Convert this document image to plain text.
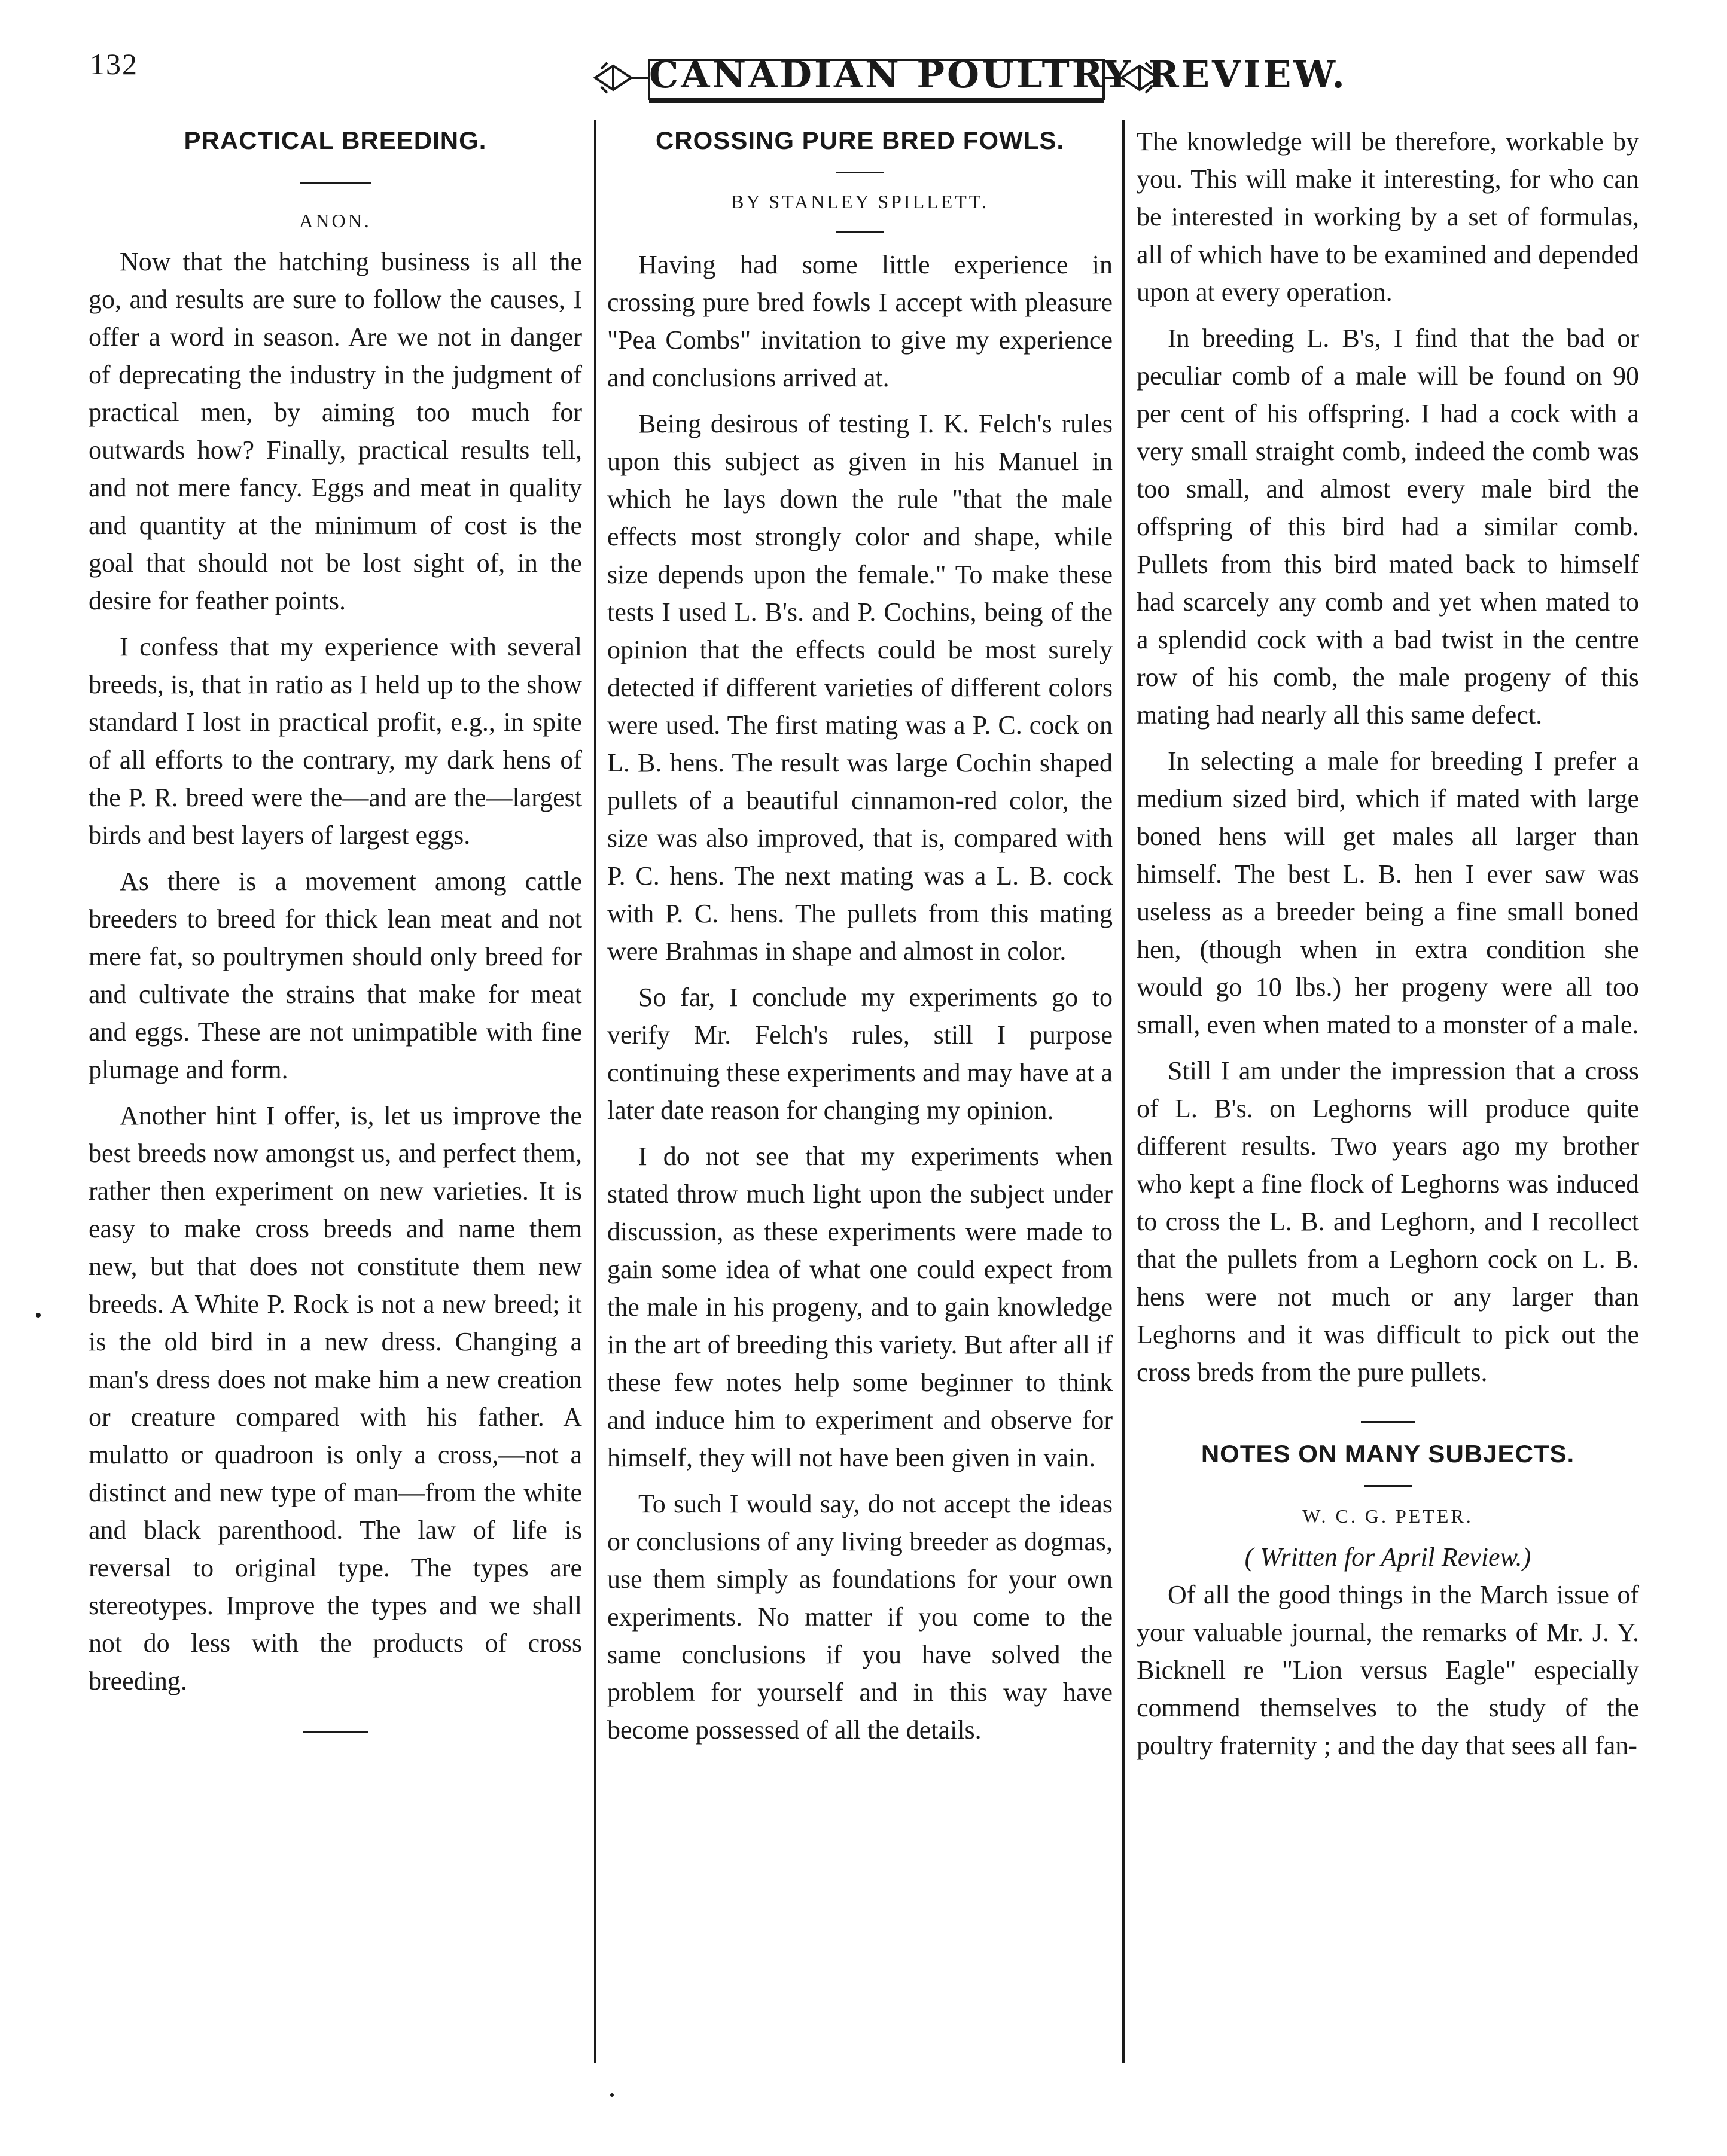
132	CANADIAN POULTRY REVIEW.
PRACTICAL BREEDING.

ANON.

Now that the hatching business is all the go, and results are sure to follow the causes, I offer a word in season. Are we not in danger of deprecating the industry in the judgment of practical men, by aiming too much for outwards how? Finally, practical results tell, and not mere fancy. Eggs and meat in quality and quantity at the minimum of cost is the goal that should not be lost sight of, in the desire for feather points.

I confess that my experience with several breeds, is, that in ratio as I held up to the show standard I lost in practical profit, e.g., in spite of all efforts to the contrary, my dark hens of the P. R. breed were the—and are the—largest birds and best layers of largest eggs.

As there is a movement among cattle breeders to breed for thick lean meat and not mere fat, so poultrymen should only breed for and cultivate the strains that make for meat and eggs. These are not unimpatible with fine plumage and form.

Another hint I offer, is, let us improve the best breeds now amongst us, and perfect them, rather then experiment on new varieties. It is easy to make cross breeds and name them new, but that does not constitute them new breeds. A White P. Rock is not a new breed; it is the old bird in a new dress. Changing a man's dress does not make him a new creation or creature compared with his father. A mulatto or quadroon is only a cross,—not a distinct and new type of man—from the white and black parenthood. The law of life is reversal to original type. The types are stereotypes. Improve the types and we shall not do less with the products of cross breeding.

CROSSING PURE BRED FOWLS.

BY STANLEY SPILLETT.

Having had some little experience in crossing pure bred fowls I accept with pleasure "Pea Combs" invitation to give my experience and conclusions arrived at.

Being desirous of testing I. K. Felch's rules upon this subject as given in his Manuel in which he lays down the rule "that the male effects most strongly color and shape, while size depends upon the female." To make these tests I used L. B's. and P. Cochins, being of the opinion that the effects could be most surely detected if different varieties of different colors were used. The first mating was a P. C. cock on L. B. hens. The result was large Cochin shaped pullets of a beautiful cinnamon-red color, the size was also improved, that is, compared with P. C. hens. The next mating was a L. B. cock with P. C. hens. The pullets from this mating were Brahmas in shape and almost in color.

So far, I conclude my experiments go to verify Mr. Felch's rules, still I purpose continuing these experiments and may have at a later date reason for changing my opinion.

I do not see that my experiments when stated throw much light upon the subject under discussion, as these experiments were made to gain some idea of what one could expect from the male in his progeny, and to gain knowledge in the art of breeding this variety. But after all if these few notes help some beginner to think and induce him to experiment and observe for himself, they will not have been given in vain.

To such I would say, do not accept the ideas or conclusions of any living breeder as dogmas, use them simply as foundations for your own experiments. No matter if you come to the same conclusions if you have solved the problem for yourself and in this way have become possessed of all the details.

The knowledge will be therefore, workable by you. This will make it interesting, for who can be interested in working by a set of formulas, all of which have to be examined and depended upon at every operation.

In breeding L. B's, I find that the bad or peculiar comb of a male will be found on 90 per cent of his offspring. I had a cock with a very small straight comb, indeed the comb was too small, and almost every male bird the offspring of this bird had a similar comb. Pullets from this bird mated back to himself had scarcely any comb and yet when mated to a splendid cock with a bad twist in the centre row of his comb, the male progeny of this mating had nearly all this same defect.

In selecting a male for breeding I prefer a medium sized bird, which if mated with large boned hens will get males all larger than himself. The best L. B. hen I ever saw was useless as a breeder being a fine small boned hen, (though when in extra condition she would go 10 lbs.) her progeny were all too small, even when mated to a monster of a male.

Still I am under the impression that a cross of L. B's. on Leghorns will produce quite different results. Two years ago my brother who kept a fine flock of Leghorns was induced to cross the L. B. and Leghorn, and I recollect that the pullets from a Leghorn cock on L. B. hens were not much or any larger than Leghorns and it was difficult to pick out the cross breds from the pure pullets.

NOTES ON MANY SUBJECTS.

W. C. G. PETER.

( Written for April Review.)

Of all the good things in the March issue of your valuable journal, the remarks of Mr. J. Y. Bicknell re "Lion versus Eagle" especially commend themselves to the study of the poultry fraternity ; and the day that sees all fan-
